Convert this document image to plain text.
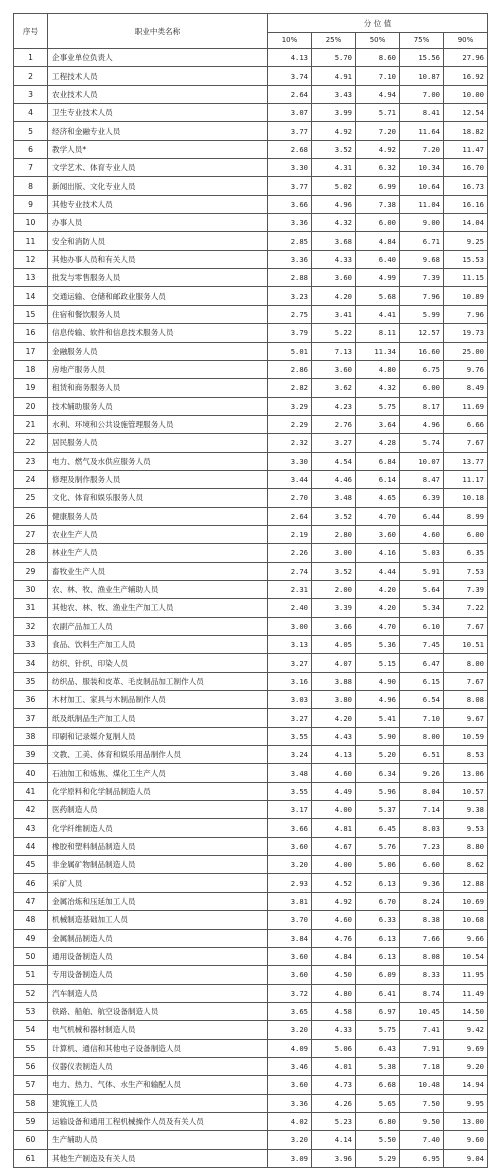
序号	职业中类名称	分 位 值				
		10%	25%	50%	75%	90%
1	企事业单位负责人	4.13	5.70	8.60	15.56	27.96
2	工程技术人员	3.74	4.91	7.10	10.87	16.92
3	农业技术人员	2.64	3.43	4.94	7.00	10.00
4	卫生专业技术人员	3.07	3.99	5.71	8.41	12.54
5	经济和金融专业人员	3.77	4.92	7.20	11.64	18.82
6	教学人员*	2.68	3.52	4.92	7.20	11.47
7	文学艺术、体育专业人员	3.30	4.31	6.32	10.34	16.70
8	新闻出版、文化专业人员	3.77	5.02	6.99	10.64	16.73
9	其他专业技术人员	3.66	4.96	7.38	11.04	16.16
10	办事人员	3.36	4.32	6.00	9.00	14.04
11	安全和消防人员	2.85	3.68	4.84	6.71	9.25
12	其他办事人员和有关人员	3.36	4.33	6.40	9.68	15.53
13	批发与零售服务人员	2.88	3.60	4.99	7.39	11.15
14	交通运输、仓储和邮政业服务人员	3.23	4.20	5.68	7.96	10.89
15	住宿和餐饮服务人员	2.75	3.41	4.41	5.99	7.96
16	信息传输、软件和信息技术服务人员	3.79	5.22	8.11	12.57	19.73
17	金融服务人员	5.01	7.13	11.34	16.60	25.00
18	房地产服务人员	2.86	3.60	4.80	6.75	9.76
19	租赁和商务服务人员	2.82	3.62	4.32	6.00	8.49
20	技术辅助服务人员	3.29	4.23	5.75	8.17	11.69
21	水利、环境和公共设施管理服务人员	2.29	2.76	3.64	4.96	6.66
22	居民服务人员	2.32	3.27	4.28	5.74	7.67
23	电力、燃气及水供应服务人员	3.30	4.54	6.84	10.07	13.77
24	修理及制作服务人员	3.44	4.46	6.14	8.47	11.17
25	文化、体育和娱乐服务人员	2.70	3.48	4.65	6.39	10.18
26	健康服务人员	2.64	3.52	4.70	6.44	8.99
27	农业生产人员	2.19	2.80	3.60	4.60	6.00
28	林业生产人员	2.26	3.00	4.16	5.03	6.35
29	畜牧业生产人员	2.74	3.52	4.44	5.91	7.53
30	农、林、牧、渔业生产辅助人员	2.31	2.00	4.20	5.64	7.39
31	其他农、林、牧、渔业生产加工人员	2.40	3.39	4.20	5.34	7.22
32	农副产品加工人员	3.00	3.66	4.70	6.10	7.67
33	食品、饮料生产加工人员	3.13	4.05	5.36	7.45	10.51
34	纺织、针织、印染人员	3.27	4.07	5.15	6.47	8.00
35	纺织品、服装和皮革、毛皮制品加工制作人员	3.16	3.88	4.90	6.15	7.67
36	木材加工、家具与木制品制作人员	3.03	3.80	4.96	6.54	8.08
37	纸及纸制品生产加工人员	3.27	4.20	5.41	7.10	9.67
38	印刷和记录媒介复制人员	3.55	4.43	5.90	8.00	10.59
39	文教、工美、体育和娱乐用品制作人员	3.24	4.13	5.20	6.51	8.53
40	石油加工和炼焦、煤化工生产人员	3.48	4.60	6.34	9.26	13.06
41	化学原料和化学制品制造人员	3.55	4.49	5.96	8.04	10.57
42	医药制造人员	3.17	4.00	5.37	7.14	9.38
43	化学纤维制造人员	3.66	4.81	6.45	8.03	9.53
44	橡胶和塑料制品制造人员	3.60	4.67	5.76	7.23	8.80
45	非金属矿物制品制造人员	3.20	4.00	5.06	6.60	8.62
46	采矿人员	2.93	4.52	6.13	9.36	12.88
47	金属冶炼和压延加工人员	3.81	4.92	6.70	8.24	10.69
48	机械制造基础加工人员	3.70	4.60	6.33	8.38	10.68
49	金属制品制造人员	3.84	4.76	6.13	7.66	9.66
50	通用设备制造人员	3.60	4.84	6.13	8.08	10.54
51	专用设备制造人员	3.60	4.50	6.09	8.33	11.95
52	汽车制造人员	3.72	4.80	6.41	8.74	11.49
53	铁路、船舶、航空设备制造人员	3.65	4.58	6.97	10.45	14.50
54	电气机械和器材制造人员	3.20	4.33	5.75	7.41	9.42
55	计算机、通信和其他电子设备制造人员	4.09	5.06	6.43	7.91	9.69
56	仪器仪表制造人员	3.46	4.01	5.38	7.18	9.20
57	电力、热力、气体、水生产和输配人员	3.60	4.73	6.68	10.48	14.94
58	建筑施工人员	3.36	4.26	5.65	7.50	9.95
59	运输设备和通用工程机械操作人员及有关人员	4.02	5.23	6.80	9.50	13.00
60	生产辅助人员	3.20	4.14	5.50	7.40	9.60
61	其他生产制造及有关人员	3.09	3.96	5.29	6.95	9.04
